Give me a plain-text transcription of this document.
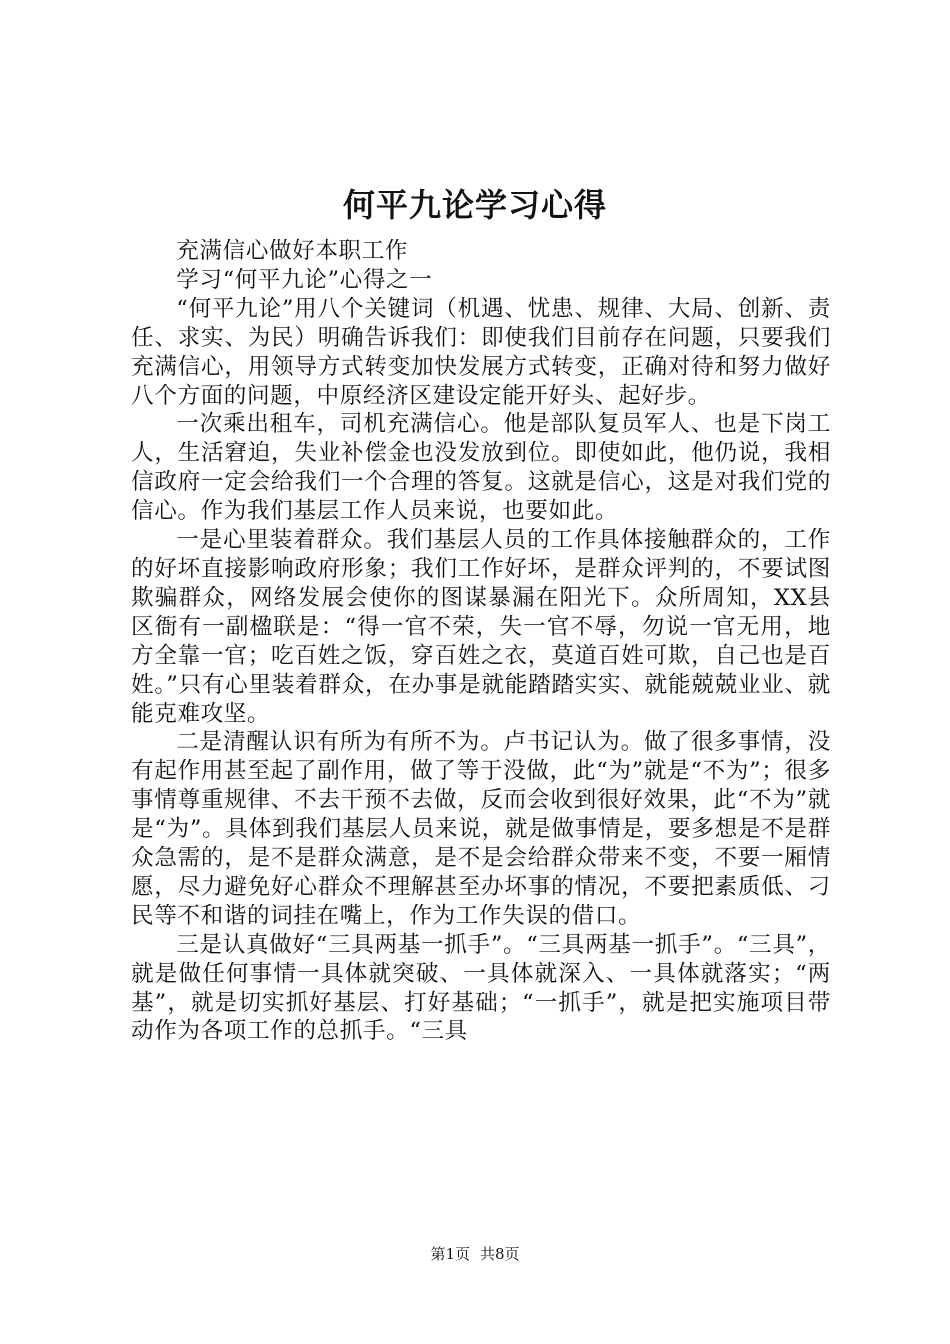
何平九论学习心得

充满信心做好本职工作

学习“何平九论”心得之一

“何平九论”用八个关键词（机遇、忧患、规律、大局、创新、责任、求实、为民）明确告诉我们：即使我们目前存在问题，只要我们充满信心，用领导方式转变加快发展方式转变，正确对待和努力做好八个方面的问题，中原经济区建设定能开好头、起好步。

一次乘出租车，司机充满信心。他是部队复员军人、也是下岗工人，生活窘迫，失业补偿金也没发放到位。即使如此，他仍说，我相信政府一定会给我们一个合理的答复。这就是信心，这是对我们党的信心。作为我们基层工作人员来说，也要如此。

一是心里装着群众。我们基层人员的工作具体接触群众的，工作的好坏直接影响政府形象；我们工作好坏，是群众评判的，不要试图欺骗群众，网络发展会使你的图谋暴漏在阳光下。众所周知，XX县区衙有一副楹联是：“得一官不荣，失一官不辱，勿说一官无用，地方全靠一官；吃百姓之饭，穿百姓之衣，莫道百姓可欺，自己也是百姓。”只有心里装着群众，在办事是就能踏踏实实、就能兢兢业业、就能克难攻坚。

二是清醒认识有所为有所不为。卢书记认为。做了很多事情，没有起作用甚至起了副作用，做了等于没做，此“为”就是“不为”；很多事情尊重规律、不去干预不去做，反而会收到很好效果，此“不为”就是“为”。具体到我们基层人员来说，就是做事情是，要多想是不是群众急需的，是不是群众满意，是不是会给群众带来不变，不要一厢情愿，尽力避免好心群众不理解甚至办坏事的情况，不要把素质低、刁民等不和谐的词挂在嘴上，作为工作失误的借口。

三是认真做好“三具两基一抓手”。“三具两基一抓手”。“三具”，就是做任何事情一具体就突破、一具体就深入、一具体就落实；“两基”，就是切实抓好基层、打好基础；“一抓手”，就是把实施项目带动作为各项工作的总抓手。“三具

第1页 共8页
